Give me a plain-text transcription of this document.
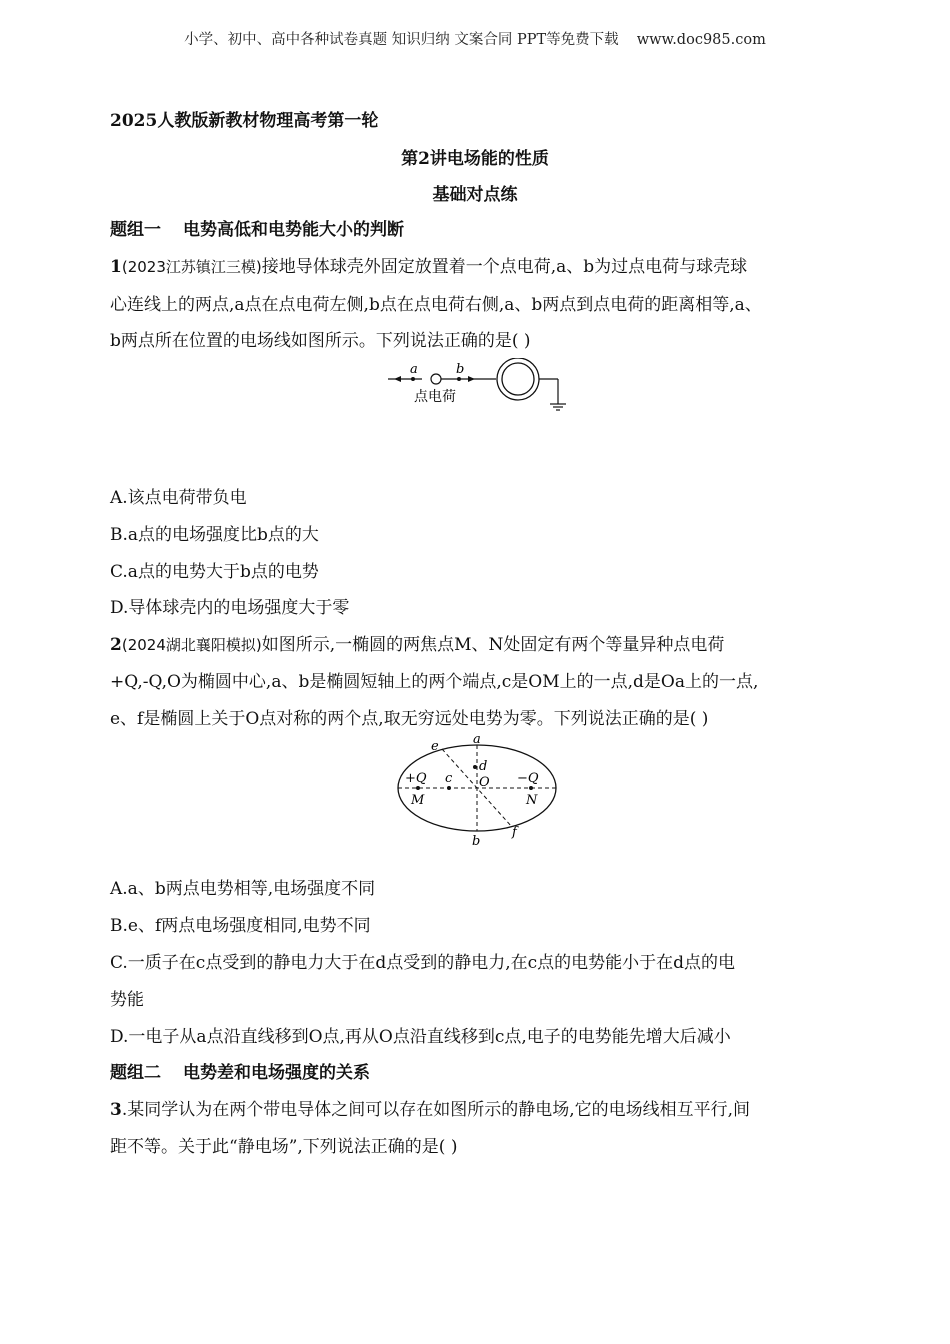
小学、初中、高中各种试卷真题 知识归纳 文案合同 PPT等免费下载 www.doc985.com
2025人教版新教材物理高考第一轮
第2讲电场能的性质
基础对点练
题组一 电势高低和电势能大小的判断
1(2023江苏镇江三模)接地导体球壳外固定放置着一个点电荷,a、b为过点电荷与球壳球
心连线上的两点,a点在点电荷左侧,b点在点电荷右侧,a、b两点到点电荷的距离相等,a、
b两点所在位置的电场线如图所示。下列说法正确的是( )
a	b
点电荷
A.该点电荷带负电
B.a点的电场强度比b点的大
C.a点的电势大于b点的电势
D.导体球壳内的电场强度大于零
2(2024湖北襄阳模拟)如图所示,一椭圆的两焦点M、N处固定有两个等量异种点电荷
+Q,-Q,O为椭圆中心,a、b是椭圆短轴上的两个端点,c是OM上的一点,d是Oa上的一点,
e、f是椭圆上关于O点对称的两个点,取无穷远处电势为零。下列说法正确的是( )
e	a
d
+Q c O −Q
M	N
b
f
A.a、b两点电势相等,电场强度不同
B.e、f两点电场强度相同,电势不同
C.一质子在c点受到的静电力大于在d点受到的静电力,在c点的电势能小于在d点的电
势能
D.一电子从a点沿直线移到O点,再从O点沿直线移到c点,电子的电势能先增大后减小
题组二 电势差和电场强度的关系
3.某同学认为在两个带电导体之间可以存在如图所示的静电场,它的电场线相互平行,间
距不等。关于此“静电场”,下列说法正确的是( )
